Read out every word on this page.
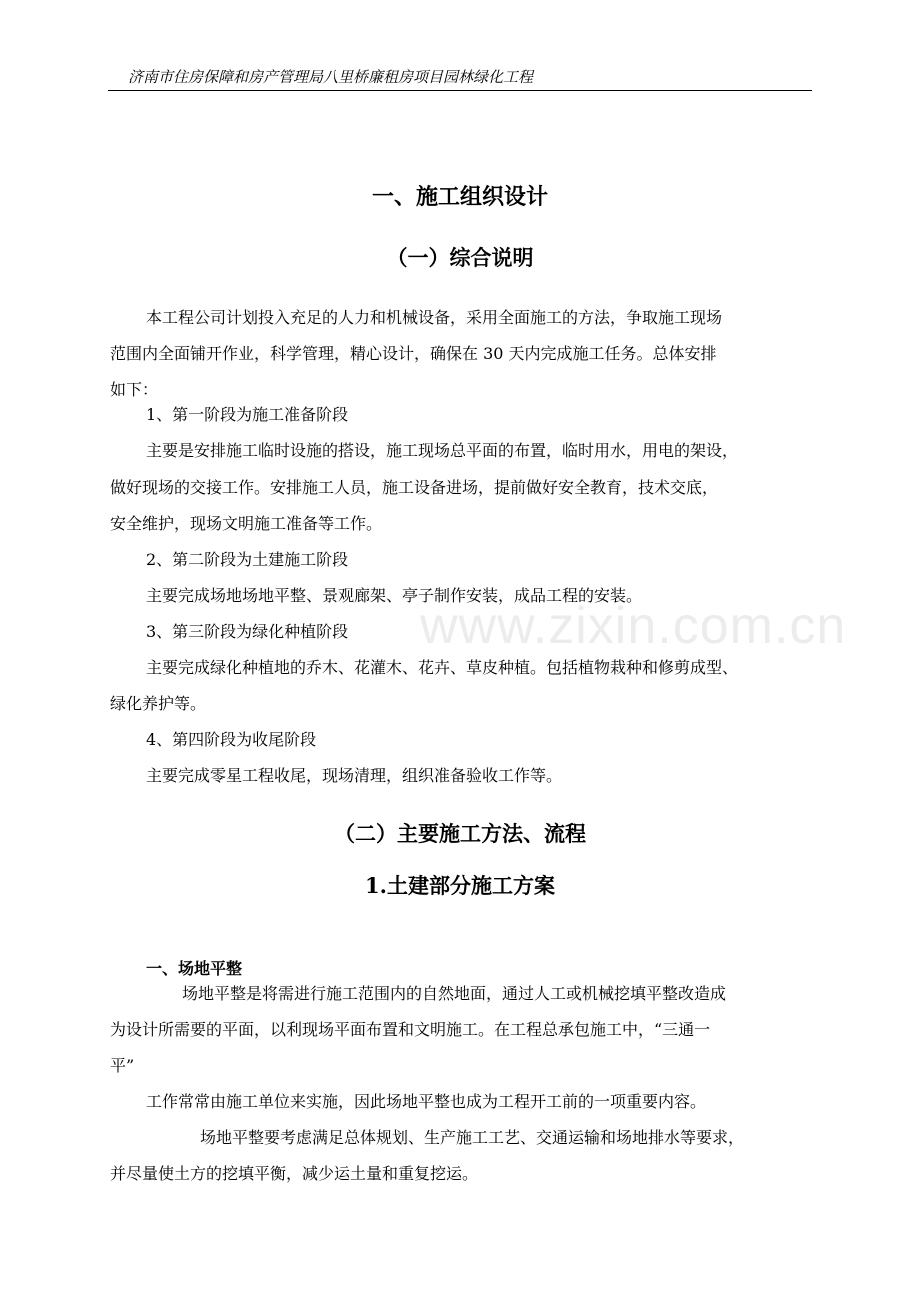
济南市住房保障和房产管理局八里桥廉租房项目园林绿化工程
www.zixin.com.cn
一、施工组织设计
（一）综合说明
本工程公司计划投入充足的人力和机械设备，采用全面施工的方法，争取施工现场
范围内全面铺开作业，科学管理，精心设计，确保在 30 天内完成施工任务。总体安排
如下：
1、第一阶段为施工准备阶段
主要是安排施工临时设施的搭设，施工现场总平面的布置，临时用水，用电的架设，
做好现场的交接工作。安排施工人员，施工设备进场，提前做好安全教育，技术交底，
安全维护，现场文明施工准备等工作。
2、第二阶段为土建施工阶段
主要完成场地场地平整、景观廊架、亭子制作安装，成品工程的安装。
3、第三阶段为绿化种植阶段
主要完成绿化种植地的乔木、花灌木、花卉、草皮种植。包括植物栽种和修剪成型、
绿化养护等。
4、第四阶段为收尾阶段
主要完成零星工程收尾，现场清理，组织准备验收工作等。
（二）主要施工方法、流程
1.土建部分施工方案
一、场地平整
场地平整是将需进行施工范围内的自然地面，通过人工或机械挖填平整改造成
为设计所需要的平面，以利现场平面布置和文明施工。在工程总承包施工中，“三通一
平”
工作常常由施工单位来实施，因此场地平整也成为工程开工前的一项重要内容。
场地平整要考虑满足总体规划、生产施工工艺、交通运输和场地排水等要求，
并尽量使土方的挖填平衡，减少运土量和重复挖运。
